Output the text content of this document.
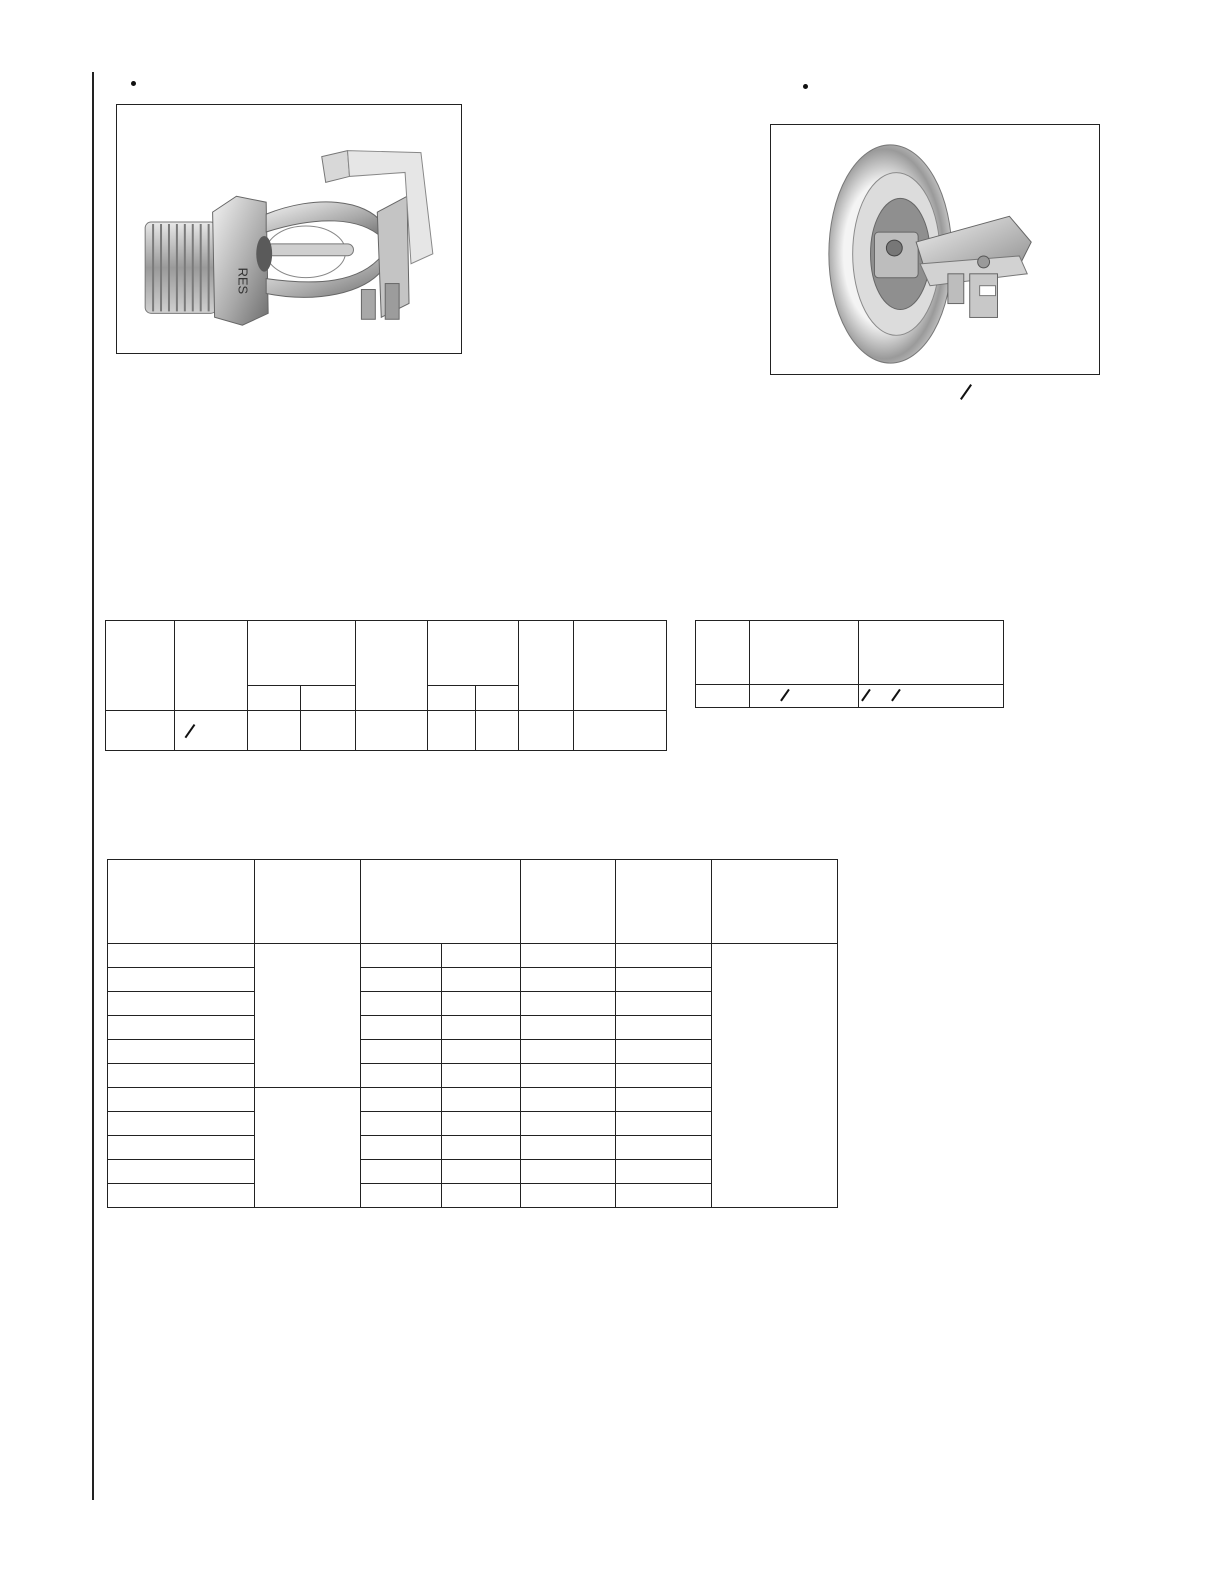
RES
